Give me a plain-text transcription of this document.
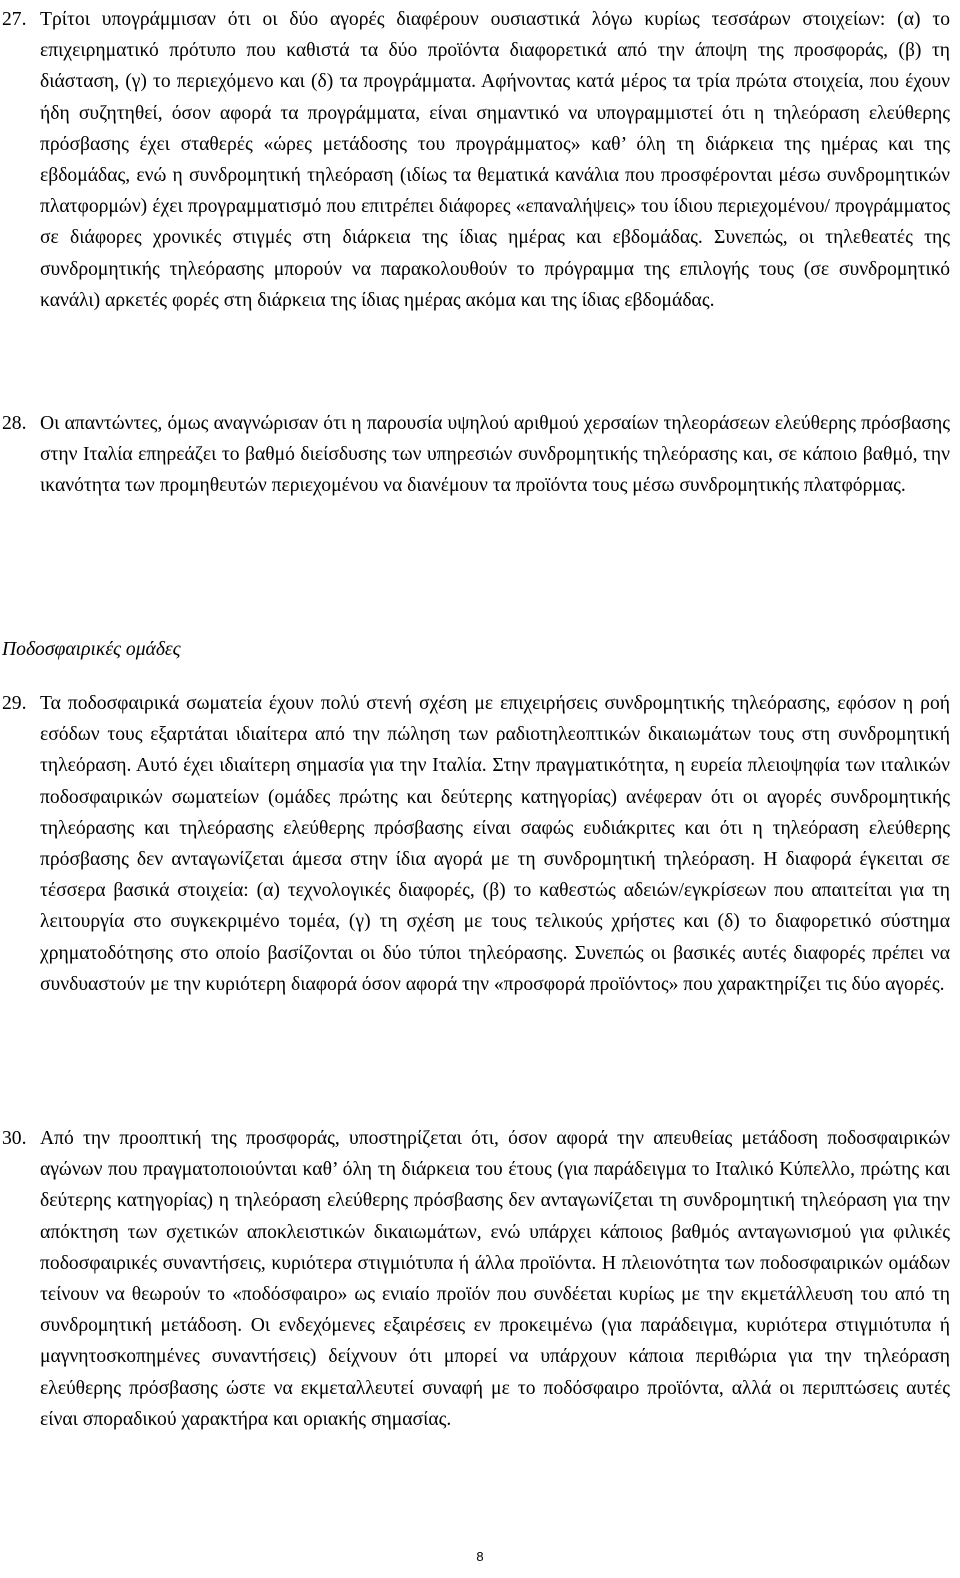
27. Τρίτοι υπογράμμισαν ότι οι δύο αγορές διαφέρουν ουσιαστικά λόγω κυρίως τεσσάρων στοιχείων: (α) το επιχειρηματικό πρότυπο που καθιστά τα δύο προϊόντα διαφορετικά από την άποψη της προσφοράς, (β) τη διάσταση, (γ) το περιεχόμενο και (δ) τα προγράμματα. Αφήνοντας κατά μέρος τα τρία πρώτα στοιχεία, που έχουν ήδη συζητηθεί, όσον αφορά τα προγράμματα, είναι σημαντικό να υπογραμμιστεί ότι η τηλεόραση ελεύθερης πρόσβασης έχει σταθερές «ώρες μετάδοσης του προγράμματος» καθ’ όλη τη διάρκεια της ημέρας και της εβδομάδας, ενώ η συνδρομητική τηλεόραση (ιδίως τα θεματικά κανάλια που προσφέρονται μέσω συνδρομητικών πλατφορμών) έχει προγραμματισμό που επιτρέπει διάφορες «επαναλήψεις» του ίδιου περιεχομένου/ προγράμματος σε διάφορες χρονικές στιγμές στη διάρκεια της ίδιας ημέρας και εβδομάδας. Συνεπώς, οι τηλεθεατές της συνδρομητικής τηλεόρασης μπορούν να παρακολουθούν το πρόγραμμα της επιλογής τους (σε συνδρομητικό κανάλι) αρκετές φορές στη διάρκεια της ίδιας ημέρας ακόμα και της ίδιας εβδομάδας.
28. Οι απαντώντες, όμως αναγνώρισαν ότι η παρουσία υψηλού αριθμού χερσαίων τηλεοράσεων ελεύθερης πρόσβασης στην Ιταλία επηρεάζει το βαθμό διείσδυσης των υπηρεσιών συνδρομητικής τηλεόρασης και, σε κάποιο βαθμό, την ικανότητα των προμηθευτών περιεχομένου να διανέμουν τα προϊόντα τους μέσω συνδρομητικής πλατφόρμας.
Ποδοσφαιρικές ομάδες
29. Τα ποδοσφαιρικά σωματεία έχουν πολύ στενή σχέση με επιχειρήσεις συνδρομητικής τηλεόρασης, εφόσον η ροή εσόδων τους εξαρτάται ιδιαίτερα από την πώληση των ραδιοτηλεοπτικών δικαιωμάτων τους στη συνδρομητική τηλεόραση. Αυτό έχει ιδιαίτερη σημασία για την Ιταλία. Στην πραγματικότητα, η ευρεία πλειοψηφία των ιταλικών ποδοσφαιρικών σωματείων (ομάδες πρώτης και δεύτερης κατηγορίας) ανέφεραν ότι οι αγορές συνδρομητικής τηλεόρασης και τηλεόρασης ελεύθερης πρόσβασης είναι σαφώς ευδιάκριτες και ότι η τηλεόραση ελεύθερης πρόσβασης δεν ανταγωνίζεται άμεσα στην ίδια αγορά με τη συνδρομητική τηλεόραση. Η διαφορά έγκειται σε τέσσερα βασικά στοιχεία: (α) τεχνολογικές διαφορές, (β) το καθεστώς αδειών/εγκρίσεων που απαιτείται για τη λειτουργία στο συγκεκριμένο τομέα, (γ) τη σχέση με τους τελικούς χρήστες και (δ) το διαφορετικό σύστημα χρηματοδότησης στο οποίο βασίζονται οι δύο τύποι τηλεόρασης. Συνεπώς οι βασικές αυτές διαφορές πρέπει να συνδυαστούν με την κυριότερη διαφορά όσον αφορά την «προσφορά προϊόντος» που χαρακτηρίζει τις δύο αγορές.
30. Από την προοπτική της προσφοράς, υποστηρίζεται ότι, όσον αφορά την απευθείας μετάδοση ποδοσφαιρικών αγώνων που πραγματοποιούνται καθ’ όλη τη διάρκεια του έτους (για παράδειγμα το Ιταλικό Κύπελλο, πρώτης και δεύτερης κατηγορίας) η τηλεόραση ελεύθερης πρόσβασης δεν ανταγωνίζεται τη συνδρομητική τηλεόραση για την απόκτηση των σχετικών αποκλειστικών δικαιωμάτων, ενώ υπάρχει κάποιος βαθμός ανταγωνισμού για φιλικές ποδοσφαιρικές συναντήσεις, κυριότερα στιγμιότυπα ή άλλα προϊόντα. Η πλειονότητα των ποδοσφαιρικών ομάδων τείνουν να θεωρούν το «ποδόσφαιρο» ως ενιαίο προϊόν που συνδέεται κυρίως με την εκμετάλλευση του από τη συνδρομητική μετάδοση. Οι ενδεχόμενες εξαιρέσεις εν προκειμένω (για παράδειγμα, κυριότερα στιγμιότυπα ή μαγνητοσκοπημένες συναντήσεις) δείχνουν ότι μπορεί να υπάρχουν κάποια περιθώρια για την τηλεόραση ελεύθερης πρόσβασης ώστε να εκμεταλλευτεί συναφή με το ποδόσφαιρο προϊόντα, αλλά οι περιπτώσεις αυτές είναι σποραδικού χαρακτήρα και οριακής σημασίας.
8
